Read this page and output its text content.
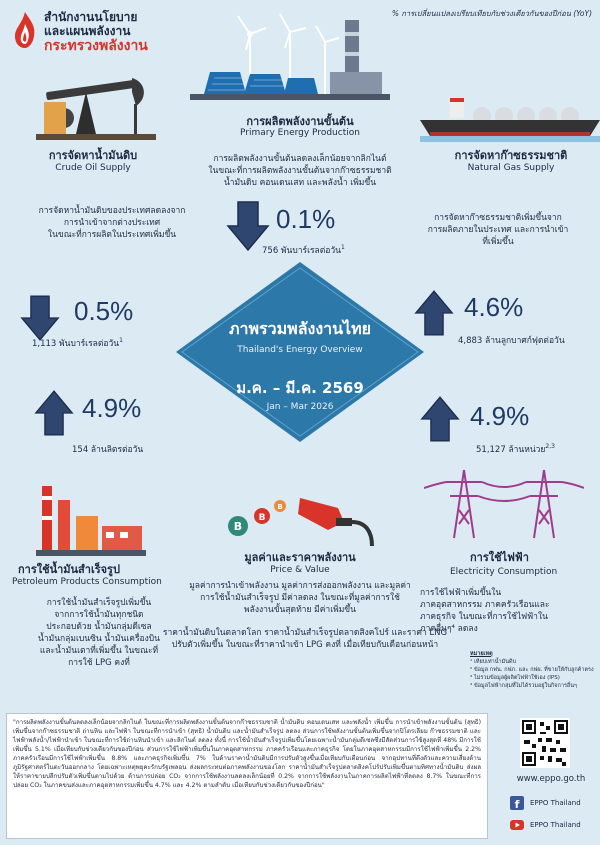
สำนักงานนโยบาย
และแผนพลังงาน
กระทรวงพลังงาน
% การเปลี่ยนแปลงเปรียบเทียบกับช่วงเดียวกันของปีก่อน (YoY)
การผลิตพลังงานขั้นต้น
Primary Energy Production
การผลิตพลังงานขั้นต้นลดลงเล็กน้อยจากลิกไนต์
ในขณะที่การผลิตพลังงานขั้นต้นจากก๊าซธรรมชาติ
น้ำมันดิบ คอนเดนเสท และพลังน้ำ เพิ่มขึ้น
0.1%
756 พันบาร์เรลต่อวัน$^1$
การจัดหาน้ำมันดิบ
Crude Oil Supply
การจัดหาน้ำมันดิบของประเทศลดลงจาก
การนำเข้าจากต่างประเทศ
ในขณะที่การผลิตในประเทศเพิ่มขึ้น
0.5%
1,113 พันบาร์เรลต่อวัน$^1$
การจัดหาก๊าซธรรมชาติ
Natural Gas Supply
การจัดหาก๊าซธรรมชาติเพิ่มขึ้นจาก
การผลิตภายในประเทศ และการนำเข้า
ที่เพิ่มขึ้น
4.6%
4,883 ล้านลูกบาศก์ฟุตต่อวัน
ภาพรวมพลังงานไทย
Thailand's Energy Overview
ม.ค. – มี.ค. 2569
Jan – Mar 2026
4.9%
154 ล้านลิตรต่อวัน
การใช้น้ำมันสำเร็จรูป
Petroleum Products Consumption
การใช้น้ำมันสำเร็จรูปเพิ่มขึ้น
จากการใช้น้ำมันทุกชนิด
ประกอบด้วย น้ำมันกลุ่มดีเซล
น้ำมันกลุ่มเบนซิน น้ำมันเครื่องบิน
และน้ำมันเตาที่เพิ่มขึ้น ในขณะที่
การใช้ LPG คงที่
4.9%
51,127 ล้านหน่วย$^{2,3}$
การใช้ไฟฟ้า
Electricity Consumption
การใช้ไฟฟ้าเพิ่มขึ้นใน
ภาคอุตสาหกรรม ภาคครัวเรือนและ
ภาคธุรกิจ ในขณะที่การใช้ไฟฟ้าใน
ภาคอื่นๆ⁴ ลดลง
B
B
B
มูลค่าและราคาพลังงาน
Price & Value
มูลค่าการนำเข้าพลังงาน มูลค่าการส่งออกพลังงาน และมูลค่า
การใช้น้ำมันสำเร็จรูป มีค่าลดลง ในขณะที่มูลค่าการใช้
พลังงานขั้นสุดท้าย มีค่าเพิ่มขึ้น
ราคาน้ำมันดิบในตลาดโลก ราคาน้ำมันสำเร็จรูปตลาดสิงคโปร์ และราคา LNG
ปรับตัวเพิ่มขึ้น ในขณะที่ราคานำเข้า LPG คงที่ เมื่อเทียบกับเดือนก่อนหน้า
หมายเหตุ
¹ เทียบเท่าน้ำมันดิบ
² ข้อมูล กฟน. กฟภ. และ กฟผ. ที่ขายให้กับลูกค้าตรง
³ ไม่รวมข้อมูลผู้ผลิตไฟฟ้าใช้เอง (IPS)
⁴ ข้อมูลไฟฟ้ากลุ่มที่ไม่ได้รวมอยู่ในกิจการอื่นๆ
"การผลิตพลังงานขั้นต้นลดลงเล็กน้อยจากลิกไนต์ ในขณะที่การผลิตพลังงานขั้นต้นจากก๊าซธรรมชาติ น้ำมันดิบ คอนเดนเสท และพลังน้ำ เพิ่มขึ้น การนำเข้าพลังงานขั้นต้น (สุทธิ) เพิ่มขึ้นจากก๊าซธรรมชาติ ถ่านหิน และไฟฟ้า ในขณะที่การนำเข้า (สุทธิ) น้ำมันดิบ และน้ำมันสำเร็จรูป ลดลง ส่วนการใช้พลังงานขั้นต้นเพิ่มขึ้นจากปิโตรเลียม ก๊าซธรรมชาติ และไฟฟ้าพลังน้ำ/ไฟฟ้านำเข้า ในขณะที่การใช้ถ่านหินนำเข้า และลิกไนต์ ลดลง ทั้งนี้ การใช้น้ำมันสำเร็จรูปเพิ่มขึ้นโดยเฉพาะน้ำมันกลุ่มดีเซลซึ่งมีสัดส่วนการใช้สูงสุดที่ 48% มีการใช้เพิ่มขึ้น 5.1% เมื่อเทียบกับช่วงเดียวกันของปีก่อน ส่วนการใช้ไฟฟ้าเพิ่มขึ้นในภาคอุตสาหกรรม ภาคครัวเรือนและภาคธุรกิจ โดยในภาคอุตสาหกรรมมีการใช้ไฟฟ้าเพิ่มขึ้น 2.2% ภาคครัวเรือนมีการใช้ไฟฟ้าเพิ่มขึ้น 8.8% และภาคธุรกิจเพิ่มขึ้น 7% ในด้านราคาน้ำมันดิบมีการปรับตัวสูงขึ้นเมื่อเทียบกับเดือนก่อน จากอุปทานที่ตึงตัวและความเสี่ยงด้านภูมิรัฐศาสตร์ในตะวันออกกลาง โดยเฉพาะเหตุพยุคะรักบรัฐเพลอน ส่งผลกระทบต่อภาคพลังงานของโลก ราคาน้ำมันสำเร็จรูปตลาดสิงคโปร์ปรับเพิ่มขึ้นตามทิศทางน้ำมันดิบ ส่งผลให้ราคาขายปลีกปรับตัวเพิ่มขึ้นตามไปด้วย ด้านการปล่อย CO₂ จากการใช้พลังงานลดลงเล็กน้อยที่ 0.2% จากการใช้พลังงานในภาคการผลิตไฟฟ้าที่ลดลง 8.7% ในขณะที่การปล่อย CO₂ ในภาคขนส่งและภาคอุตสาหกรรมเพิ่มขึ้น 4.7% และ 4.2% ตามลำดับ เมื่อเทียบกับช่วงเดียวกันของปีก่อน"
www.eppo.go.th
f EPPO Thailand
EPPO Thailand
